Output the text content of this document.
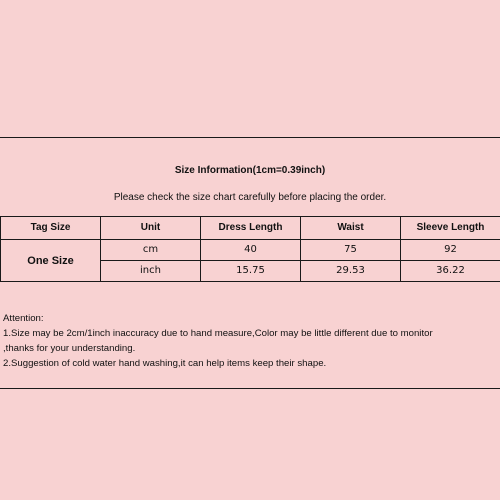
Size Information(1cm=0.39inch)
Please check the size chart carefully before placing the order.
Tag Size	Unit	Dress Length	Waist	Sleeve Length
One Size	cm	40	75	92
	inch	15.75	29.53	36.22
Attention:
1.Size may be 2cm/1inch inaccuracy due to hand measure,Color may be little different due to monitor
,thanks for your understanding.
2.Suggestion of cold water hand washing,it can help items keep their shape.
